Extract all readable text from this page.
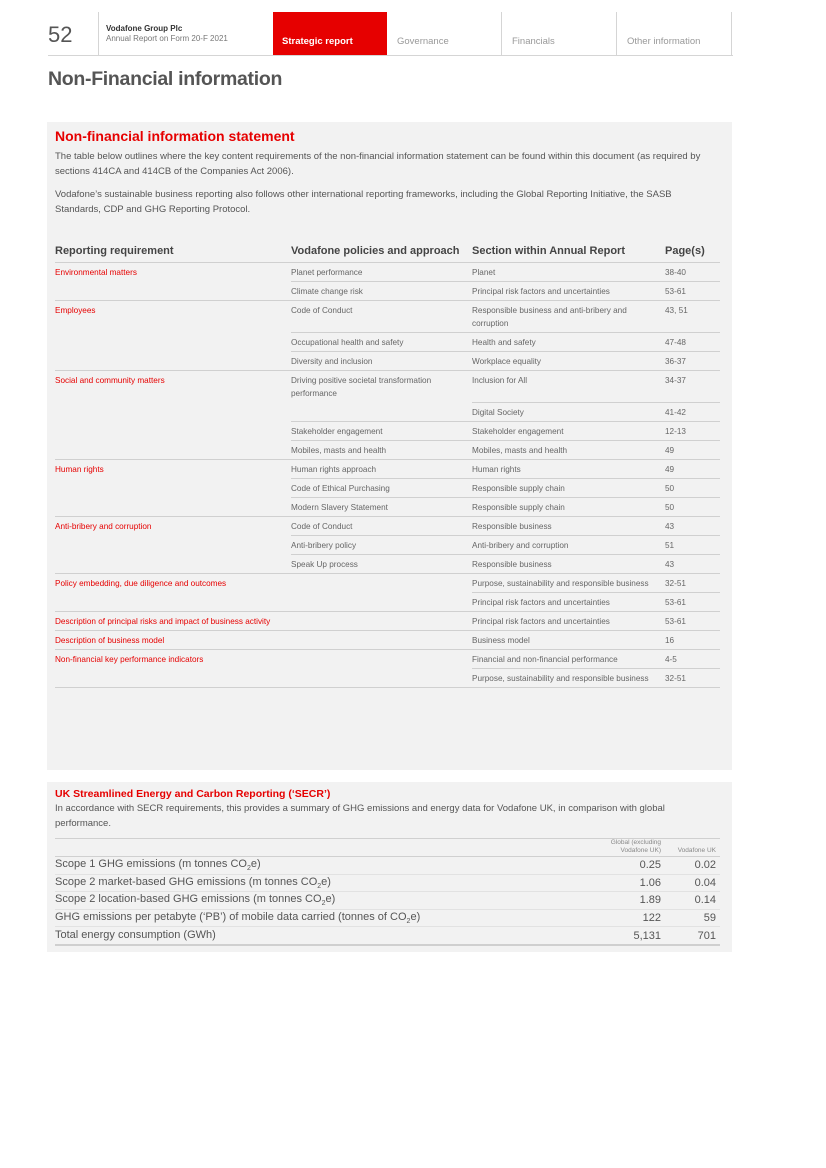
52	Vodafone Group Plc
Annual Report on Form 20-F 2021	Strategic report	Governance	Financials	Other information
Non-Financial information
Non-financial information statement

The table below outlines where the key content requirements of the non-financial information statement can be found within this document (as required by sections 414CA and 414CB of the Companies Act 2006).

Vodafone’s sustainable business reporting also follows other international reporting frameworks, including the Global Reporting Initiative, the SASB Standards, CDP and GHG Reporting Protocol.

Reporting requirement	Vodafone policies and approach	Section within Annual Report	Page(s)
Environmental matters	Planet performance	Planet	38-40
	Climate change risk	Principal risk factors and uncertainties	53-61
Employees	Code of Conduct	Responsible business and anti-bribery and corruption	43, 51
	Occupational health and safety	Health and safety	47-48
	Diversity and inclusion	Workplace equality	36-37
Social and community matters	Driving positive societal transformation performance	Inclusion for All	34-37
		Digital Society	41-42
	Stakeholder engagement	Stakeholder engagement	12-13
	Mobiles, masts and health	Mobiles, masts and health	49
Human rights	Human rights approach	Human rights	49
	Code of Ethical Purchasing	Responsible supply chain	50
	Modern Slavery Statement	Responsible supply chain	50
Anti-bribery and corruption	Code of Conduct	Responsible business	43
	Anti-bribery policy	Anti-bribery and corruption	51
	Speak Up process	Responsible business	43
Policy embedding, due diligence and outcomes		Purpose, sustainability and responsible business	32-51
		Principal risk factors and uncertainties	53-61
Description of principal risks and impact of business activity		Principal risk factors and uncertainties	53-61
Description of business model		Business model	16
Non-financial key performance indicators		Financial and non-financial performance	4-5
		Purpose, sustainability and responsible business	32-51
UK Streamlined Energy and Carbon Reporting (‘SECR’)

In accordance with SECR requirements, this provides a summary of GHG emissions and energy data for Vodafone UK, in comparison with global performance.

	Global (excluding Vodafone UK)	Vodafone UK
Scope 1 GHG emissions (m tonnes $CO_2e$)	0.25	0.02
Scope 2 market-based GHG emissions (m tonnes $CO_2e$)	1.06	0.04
Scope 2 location-based GHG emissions (m tonnes $CO_2e$)	1.89	0.14
GHG emissions per petabyte (‘PB’) of mobile data carried (tonnes of $CO_2e$)	122	59
Total energy consumption (GWh)	5,131	701
